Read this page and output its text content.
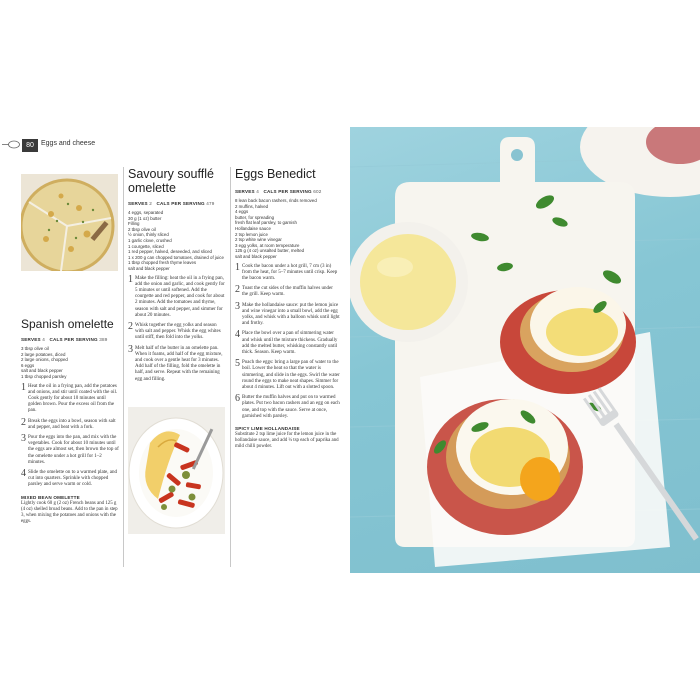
80	Eggs and cheese
Spanish omelette
SERVES 4 CALS PER SERVING 389
3 tbsp olive oil
2 large potatoes, diced
2 large onions, chopped
6 eggs
salt and black pepper
1 tbsp chopped parsley
1 Heat the oil in a frying pan, add the potatoes and onions, and stir until coated with the oil. Cook gently for about 10 minutes until golden brown. Pour the excess oil from the pan.
2 Break the eggs into a bowl, season with salt and pepper, and beat with a fork.
3 Pour the eggs into the pan, and mix with the vegetables. Cook for about 10 minutes until the eggs are almost set, then brown the top of the omelette under a hot grill for 1–2 minutes.
4 Slide the omelette on to a warmed plate, and cut into quarters. Sprinkle with chopped parsley and serve warm or cold.
MIXED BEAN OMELETTE
Lightly cook 60 g (2 oz) French beans and 125 g (4 oz) shelled broad beans. Add to the pan in step 3, when mixing the potatoes and onions with the eggs.
Savoury soufflé
omelette
SERVES 2 CALS PER SERVING 479
4 eggs, separated
30 g (1 oz) butter
Filling
2 tbsp olive oil
½ onion, thinly sliced
1 garlic clove, crushed
1 courgette, sliced
1 red pepper, halved, deseeded, and sliced
1 x 200 g can chopped tomatoes, drained of juice
1 tbsp chopped fresh thyme leaves
salt and black pepper
1 Make the filling: heat the oil in a frying pan, add the onion and garlic, and cook gently for 5 minutes or until softened. Add the courgette and red pepper, and cook for about 2 minutes. Add the tomatoes and thyme, season with salt and pepper, and simmer for about 20 minutes.
2 Whisk together the egg yolks and season with salt and pepper. Whisk the egg whites until stiff, then fold into the yolks.
3 Melt half of the butter in an omelette pan. When it foams, add half of the egg mixture, and cook over a gentle heat for 3 minutes. Add half of the filling, fold the omelette in half, and serve. Repeat with the remaining egg and filling.
Eggs Benedict
SERVES 4 CALS PER SERVING 602
8 lean back bacon rashers, rinds removed
2 muffins, halved
4 eggs
butter, for spreading
fresh flat leaf parsley, to garnish
Hollandaise sauce
2 tsp lemon juice
2 tsp white wine vinegar
3 egg yolks, at room temperature
125 g (4 oz) unsalted butter, melted
salt and black pepper
1 Cook the bacon under a hot grill, 7 cm (3 in) from the heat, for 5–7 minutes until crisp. Keep the bacon warm.
2 Toast the cut sides of the muffin halves under the grill. Keep warm.
3 Make the hollandaise sauce: put the lemon juice and wine vinegar into a small bowl, add the egg yolks, and whisk with a balloon whisk until light and frothy.
4 Place the bowl over a pan of simmering water and whisk until the mixture thickens. Gradually add the melted butter, whisking constantly until thick. Season. Keep warm.
5 Poach the eggs: bring a large pan of water to the boil. Lower the heat so that the water is simmering, and slide in the eggs. Swirl the water round the eggs to make neat shapes. Simmer for about 4 minutes. Lift out with a slotted spoon.
6 Butter the muffin halves and put on to warmed plates. Put two bacon rashers and an egg on each one, and top with the sauce. Serve at once, garnished with parsley.
SPICY LIME HOLLANDAISE
Substitute 2 tsp lime juice for the lemon juice in the hollandaise sauce, and add ¼ tsp each of paprika and mild chilli powder.
